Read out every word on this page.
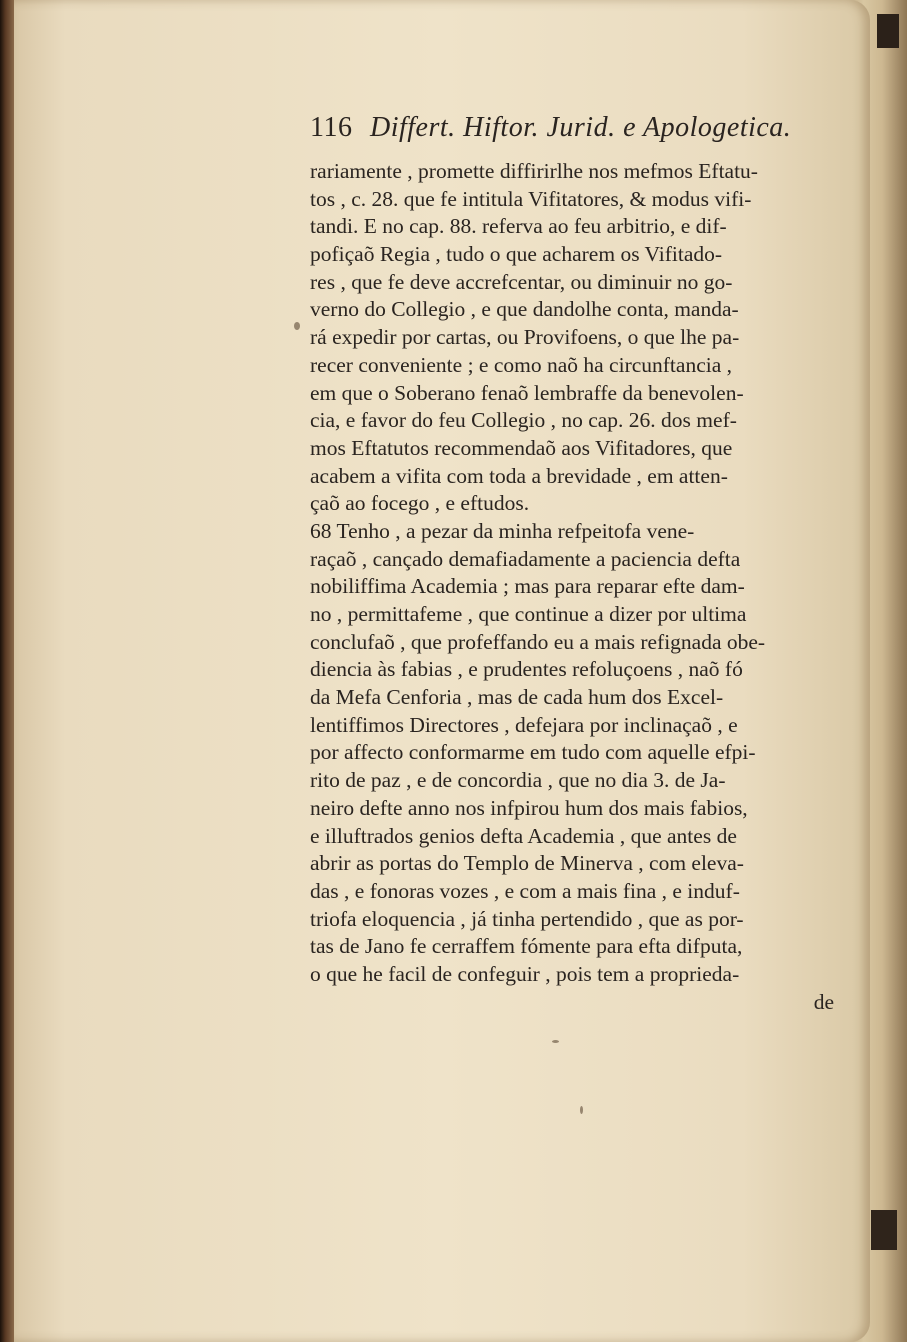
116 Differt. Hiftor. Jurid. e Apologetica.
rariamente , promette diffirirlhe nos mefmos Eftatu-
tos , c. 28. que fe intitula Vifitatores, & modus vifi-
tandi. E no cap. 88. referva ao feu arbitrio, e dif-
pofiçaõ Regia , tudo o que acharem os Vifitado-
res , que fe deve accrefcentar, ou diminuir no go-
verno do Collegio , e que dandolhe conta, manda-
rá expedir por cartas, ou Provifoens, o que lhe pa-
recer conveniente ; e como naõ ha circunftancia ,
em que o Soberano fenaõ lembraffe da benevolen-
cia, e favor do feu Collegio , no cap. 26. dos mef-
mos Eftatutos recommendaõ aos Vifitadores, que
acabem a vifita com toda a brevidade , em atten-
çaõ ao focego , e eftudos.
68 Tenho , a pezar da minha refpeitofa vene-
raçaõ , cançado demafiadamente a paciencia defta
nobiliffima Academia ; mas para reparar efte dam-
no , permittafeme , que continue a dizer por ultima
conclufaõ , que profeffando eu a mais refignada obe-
diencia às fabias , e prudentes refoluçoens , naõ fó
da Mefa Cenforia , mas de cada hum dos Excel-
lentiffimos Directores , defejara por inclinaçaõ , e
por affecto conformarme em tudo com aquelle efpi-
rito de paz , e de concordia , que no dia 3. de Ja-
neiro defte anno nos infpirou hum dos mais fabios,
e illuftrados genios defta Academia , que antes de
abrir as portas do Templo de Minerva , com eleva-
das , e fonoras vozes , e com a mais fina , e induf-
triofa eloquencia , já tinha pertendido , que as por-
tas de Jano fe cerraffem fómente para efta difputa,
o que he facil de confeguir , pois tem a proprieda-
de
